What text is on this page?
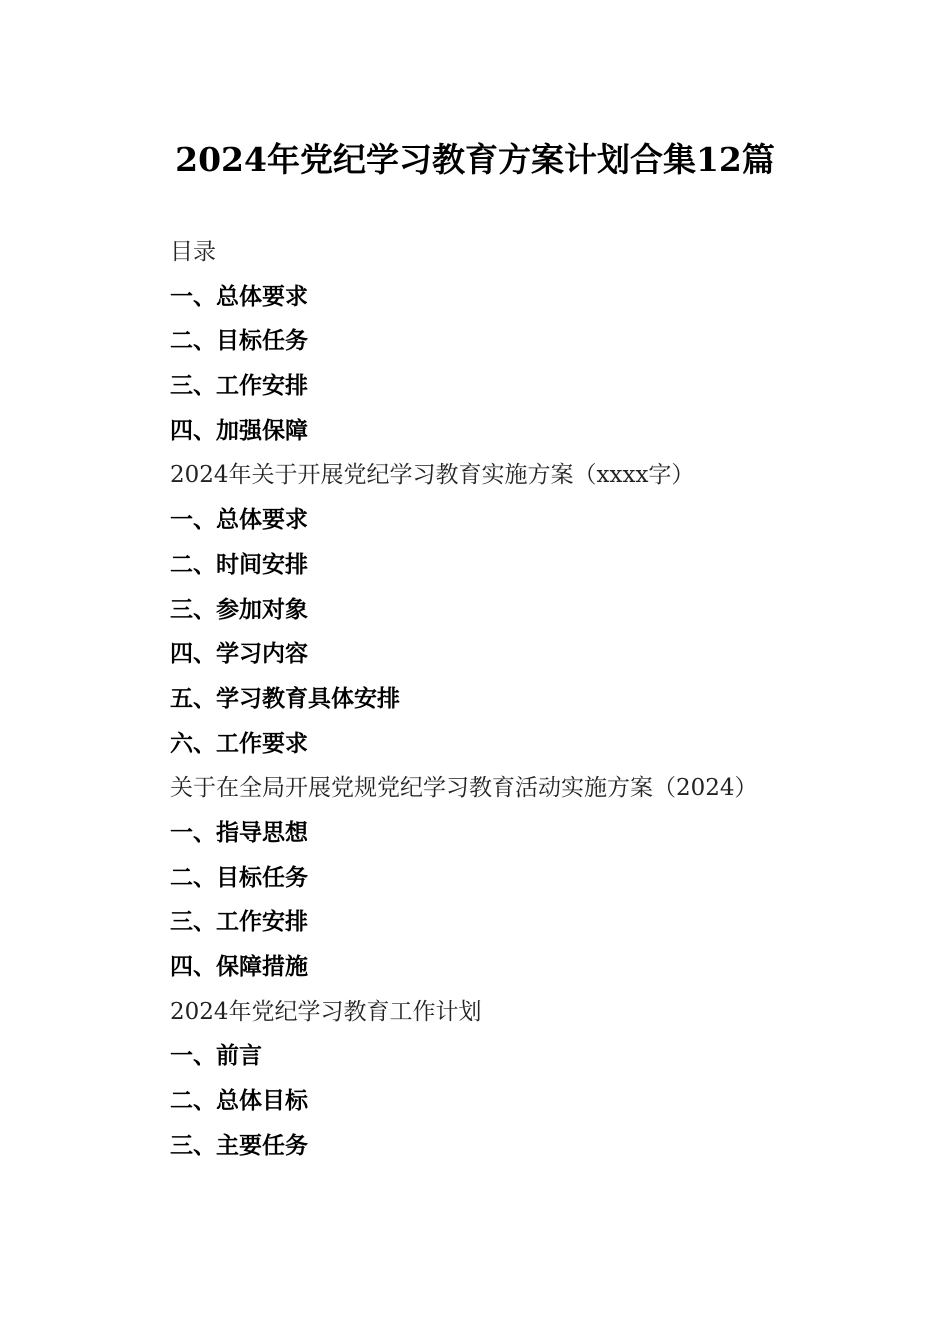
2024年党纪学习教育方案计划合集12篇
目录
一、总体要求
二、目标任务
三、工作安排
四、加强保障
2024年关于开展党纪学习教育实施方案（xxxx字）
一、总体要求
二、时间安排
三、参加对象
四、学习内容
五、学习教育具体安排
六、工作要求
关于在全局开展党规党纪学习教育活动实施方案（2024）
一、指导思想
二、目标任务
三、工作安排
四、保障措施
2024年党纪学习教育工作计划
一、前言
二、总体目标
三、主要任务
